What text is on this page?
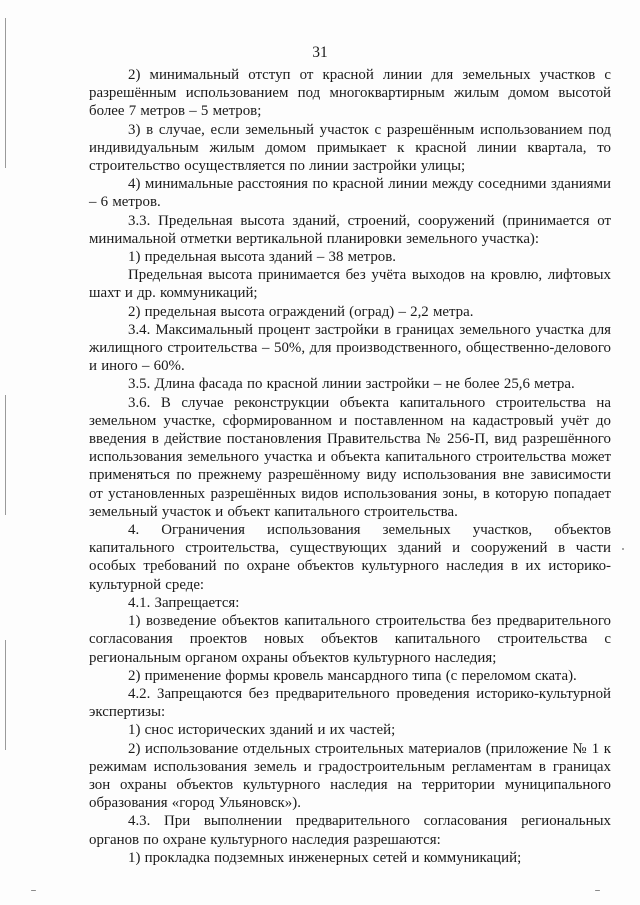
31

2) минимальный отступ от красной линии для земельных участков с разрешённым использованием под многоквартирным жилым домом высотой более 7 метров – 5 метров;

3) в случае, если земельный участок с разрешённым использованием под индивидуальным жилым домом примыкает к красной линии квартала, то строительство осуществляется по линии застройки улицы;

4) минимальные расстояния по красной линии между соседними зданиями – 6 метров.

3.3. Предельная высота зданий, строений, сооружений (принимается от минимальной отметки вертикальной планировки земельного участка):

1) предельная высота зданий – 38 метров.

Предельная высота принимается без учёта выходов на кровлю, лифтовых шахт и др. коммуникаций;

2) предельная высота ограждений (оград) – 2,2 метра.

3.4. Максимальный процент застройки в границах земельного участка для жилищного строительства – 50%, для производственного, общественно-делового и иного – 60%.

3.5. Длина фасада по красной линии застройки – не более 25,6 метра.

3.6. В случае реконструкции объекта капитального строительства на земельном участке, сформированном и поставленном на кадастровый учёт до введения в действие постановления Правительства № 256-П, вид разрешённого использования земельного участка и объекта капитального строительства может применяться по прежнему разрешённому виду использования вне зависимости от установленных разрешённых видов использования зоны, в которую попадает земельный участок и объект капитального строительства.

4. Ограничения использования земельных участков, объектов капитального строительства, существующих зданий и сооружений в части особых требований по охране объектов культурного наследия в их историко-культурной среде:

4.1. Запрещается:

1) возведение объектов капитального строительства без предварительного согласования проектов новых объектов капитального строительства с региональным органом охраны объектов культурного наследия;

2) применение формы кровель мансардного типа (с переломом ската).

4.2. Запрещаются без предварительного проведения историко-культурной экспертизы:

1) снос исторических зданий и их частей;

2) использование отдельных строительных материалов (приложение № 1 к режимам использования земель и градостроительным регламентам в границах зон охраны объектов культурного наследия на территории муниципального образования «город Ульяновск»).

4.3. При выполнении предварительного согласования региональных органов по охране культурного наследия разрешаются:

1) прокладка подземных инженерных сетей и коммуникаций;
